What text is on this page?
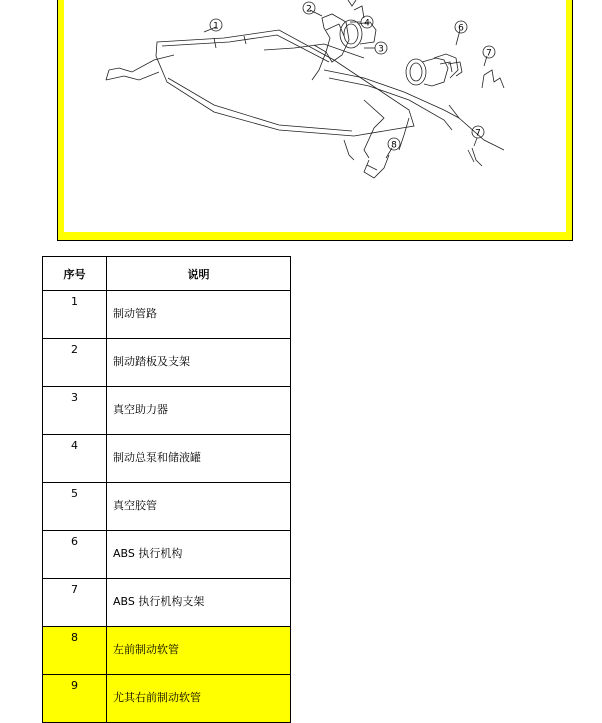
1
2
3
4	6
7
7
8
序号	说明
1	制动管路
2	制动踏板及支架
3	真空助力器
4	制动总泵和储液罐
5	真空胶管
6	ABS 执行机构
7	ABS 执行机构支架
8	左前制动软管
9	尤其右前制动软管
